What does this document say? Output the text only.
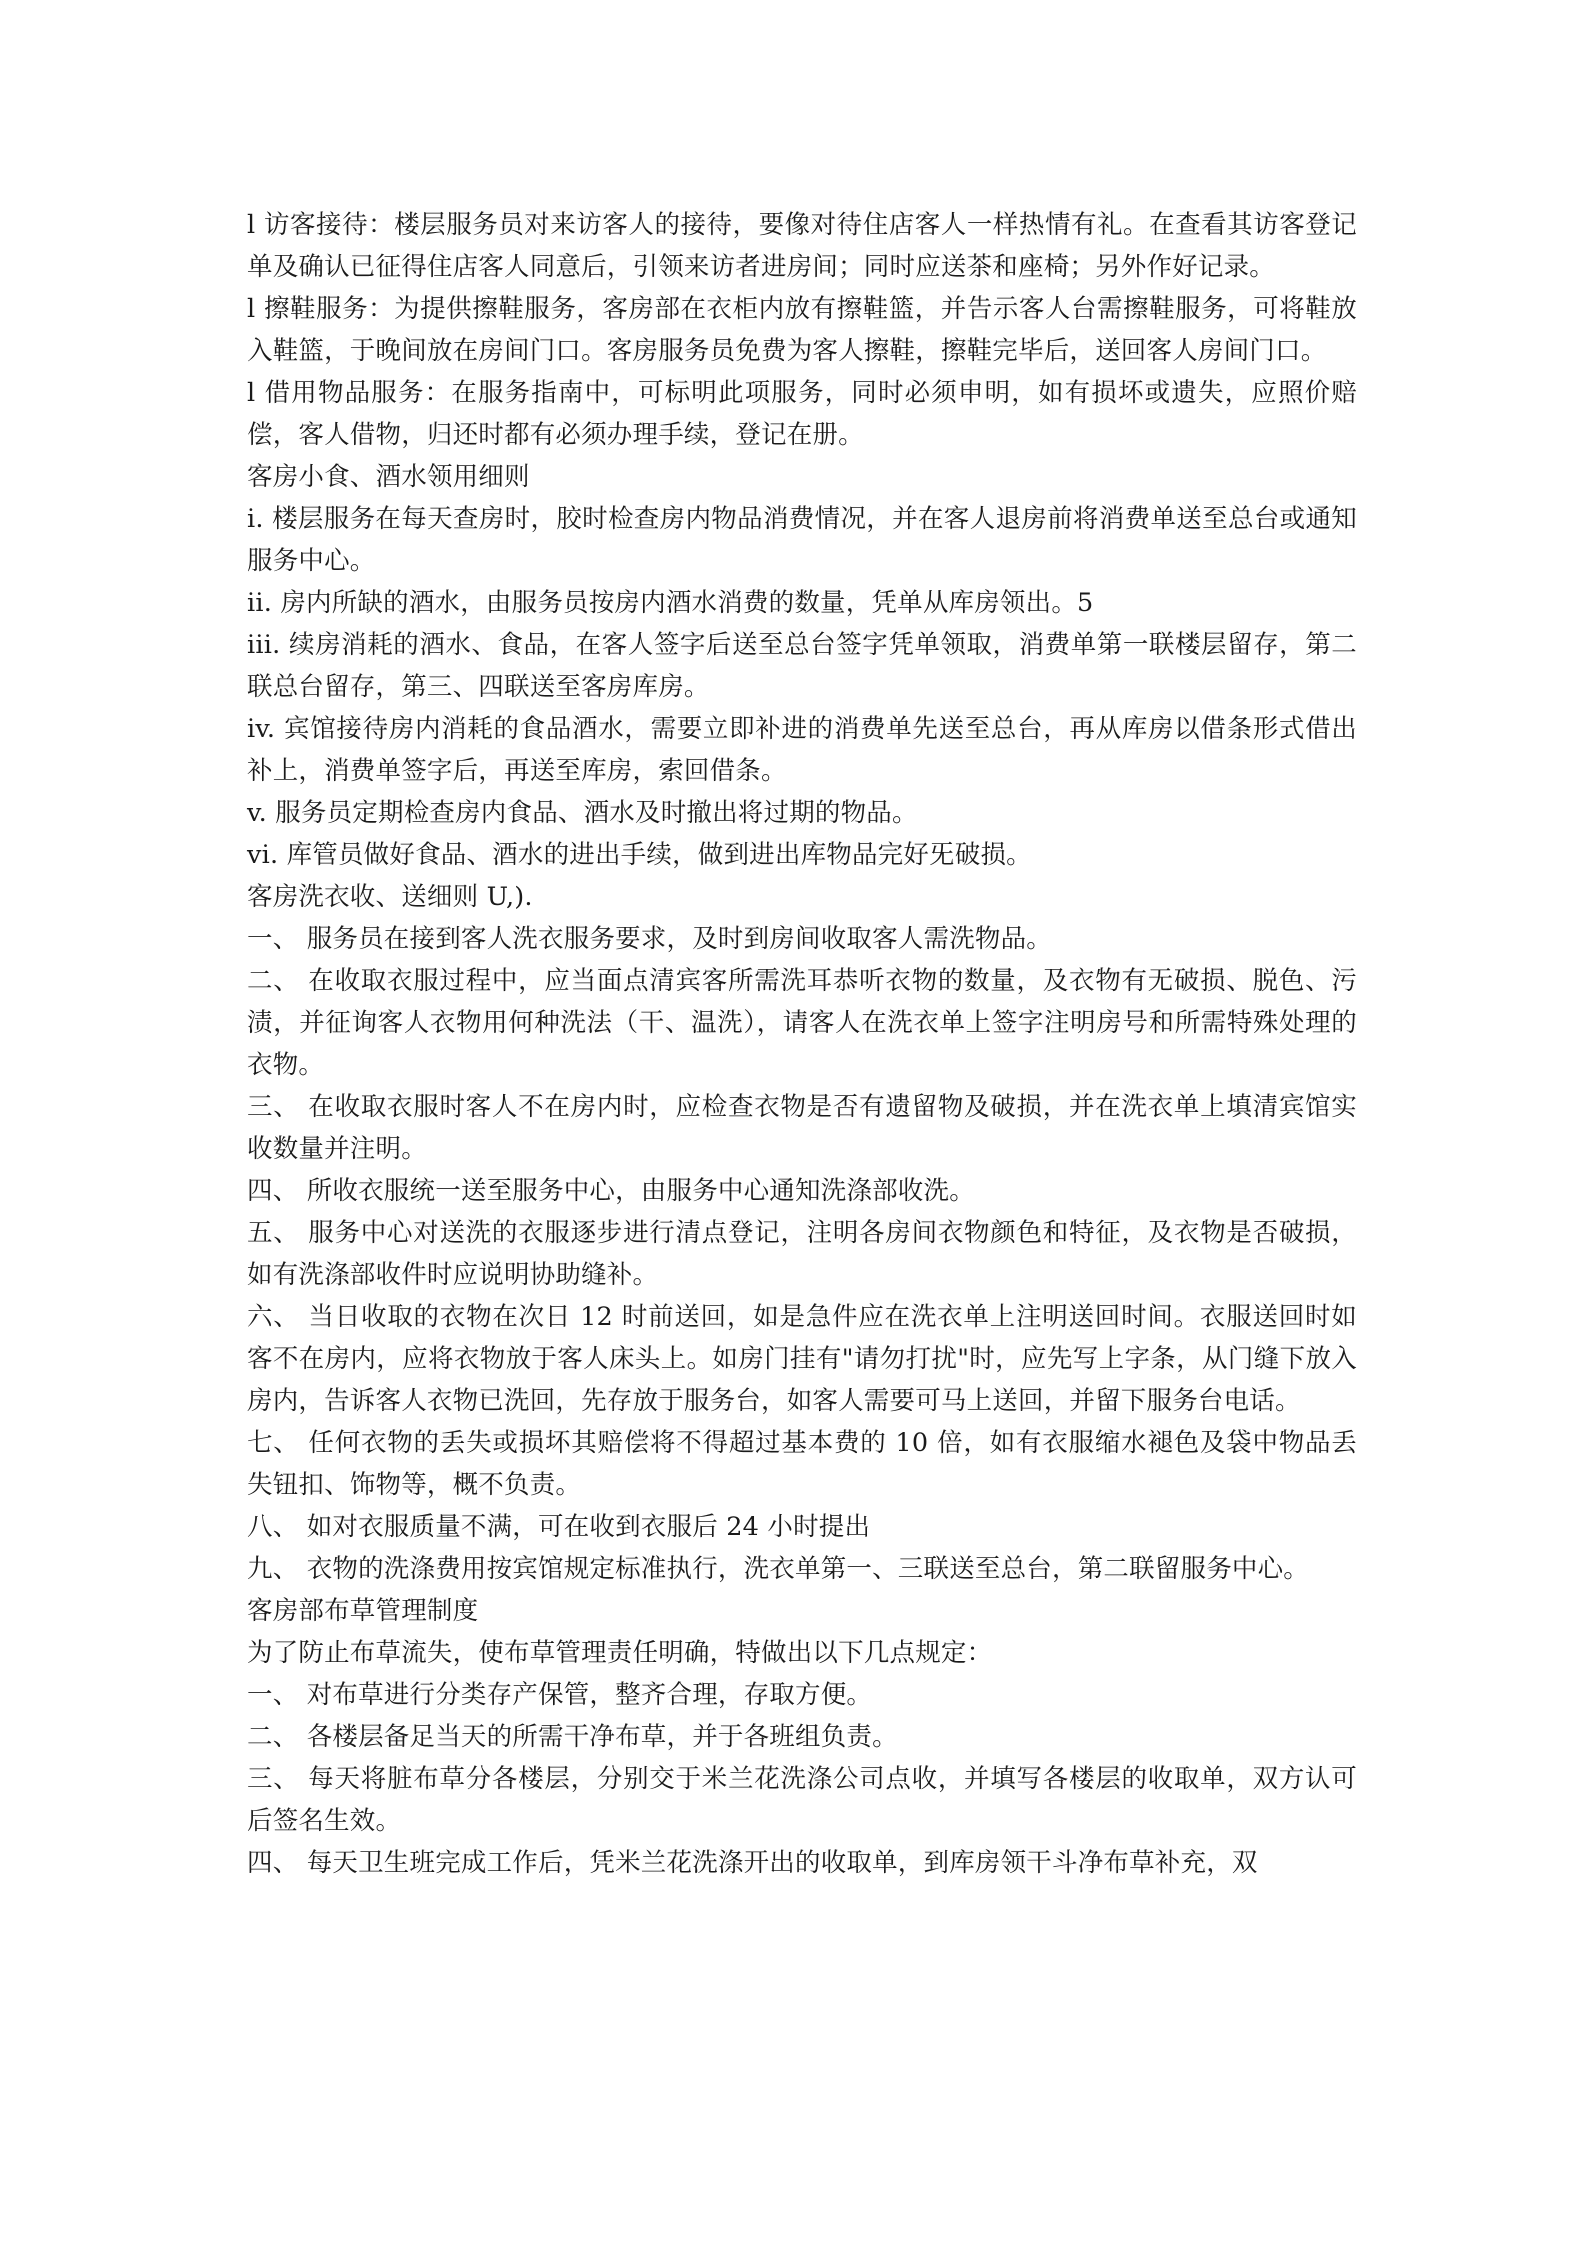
l 访客接待：楼层服务员对来访客人的接待，要像对待住店客人一样热情有礼。在查看其访客登记单及确认已征得住店客人同意后，引领来访者进房间；同时应送茶和座椅；另外作好记录。

l 擦鞋服务：为提供擦鞋服务，客房部在衣柜内放有擦鞋篮，并告示客人台需擦鞋服务，可将鞋放入鞋篮，于晚间放在房间门口。客房服务员免费为客人擦鞋，擦鞋完毕后，送回客人房间门口。

l 借用物品服务：在服务指南中，可标明此项服务，同时必须申明，如有损坏或遗失，应照价赔偿，客人借物，归还时都有必须办理手续，登记在册。

客房小食、酒水领用细则

i. 楼层服务在每天查房时，胶时检查房内物品消费情况，并在客人退房前将消费单送至总台或通知服务中心。

ii. 房内所缺的酒水，由服务员按房内酒水消费的数量，凭单从库房领出。5

iii. 续房消耗的酒水、食品，在客人签字后送至总台签字凭单领取，消费单第一联楼层留存，第二联总台留存，第三、四联送至客房库房。

iv. 宾馆接待房内消耗的食品酒水，需要立即补进的消费单先送至总台，再从库房以借条形式借出补上，消费单签字后，再送至库房，索回借条。

v. 服务员定期检查房内食品、酒水及时撤出将过期的物品。

vi. 库管员做好食品、酒水的进出手续，做到进出库物品完好旡破损。

客房洗衣收、送细则 U,).

一、 服务员在接到客人洗衣服务要求，及时到房间收取客人需洗物品。

二、 在收取衣服过程中，应当面点清宾客所需洗耳恭听衣物的数量，及衣物有无破损、脱色、污渍，并征询客人衣物用何种洗法（干、温洗），请客人在洗衣单上签字注明房号和所需特殊处理的衣物。

三、 在收取衣服时客人不在房内时，应检查衣物是否有遗留物及破损，并在洗衣单上填清宾馆实收数量并注明。

四、 所收衣服统一送至服务中心，由服务中心通知洗涤部收洗。

五、 服务中心对送洗的衣服逐步进行清点登记，注明各房间衣物颜色和特征，及衣物是否破损，如有洗涤部收件时应说明协助缝补。

六、 当日收取的衣物在次日 12 时前送回，如是急件应在洗衣单上注明送回时间。衣服送回时如客不在房内，应将衣物放于客人床头上。如房门挂有"请勿打扰"时，应先写上字条，从门缝下放入房内，告诉客人衣物已洗回，先存放于服务台，如客人需要可马上送回，并留下服务台电话。

七、 任何衣物的丢失或损坏其赔偿将不得超过基本费的 10 倍，如有衣服缩水褪色及袋中物品丢失钮扣、饰物等，概不负责。

八、 如对衣服质量不满，可在收到衣服后 24 小时提出

九、 衣物的洗涤费用按宾馆规定标准执行，洗衣单第一、三联送至总台，第二联留服务中心。

客房部布草管理制度

为了防止布草流失，使布草管理责任明确，特做出以下几点规定：

一、 对布草进行分类存产保管，整齐合理，存取方便。

二、 各楼层备足当天的所需干净布草，并于各班组负责。

三、 每天将脏布草分各楼层，分别交于米兰花洗涤公司点收，并填写各楼层的收取单，双方认可后签名生效。

四、 每天卫生班完成工作后，凭米兰花洗涤开出的收取单，到库房领干斗净布草补充，双
